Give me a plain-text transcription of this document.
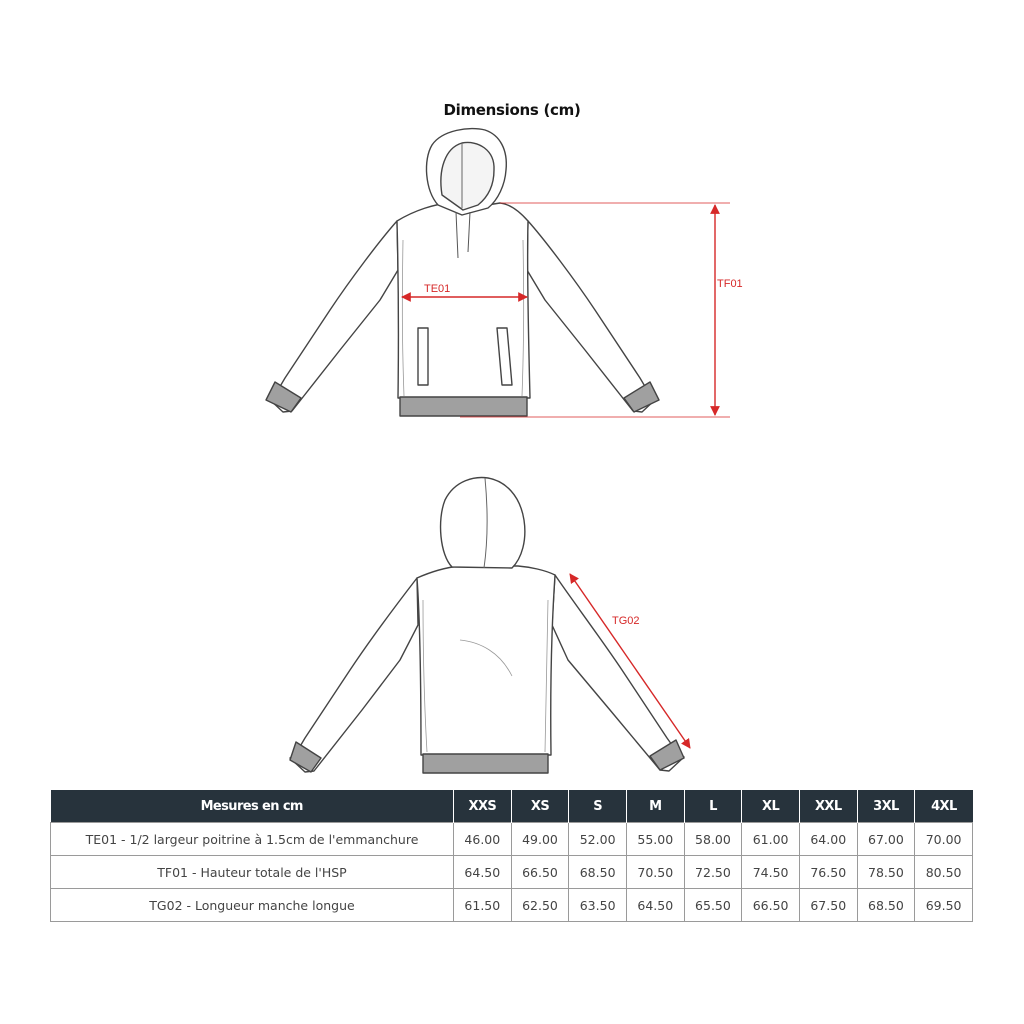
Dimensions (cm)
TE01	TF01
TG02
Mesures en cm	XXS	XS	S	M	L	XL	XXL	3XL	4XL
TE01 - 1/2 largeur poitrine à 1.5cm de l'emmanchure	46.00	49.00	52.00	55.00	58.00	61.00	64.00	67.00	70.00
TF01 - Hauteur totale de l'HSP	64.50	66.50	68.50	70.50	72.50	74.50	76.50	78.50	80.50
TG02 - Longueur manche longue	61.50	62.50	63.50	64.50	65.50	66.50	67.50	68.50	69.50
